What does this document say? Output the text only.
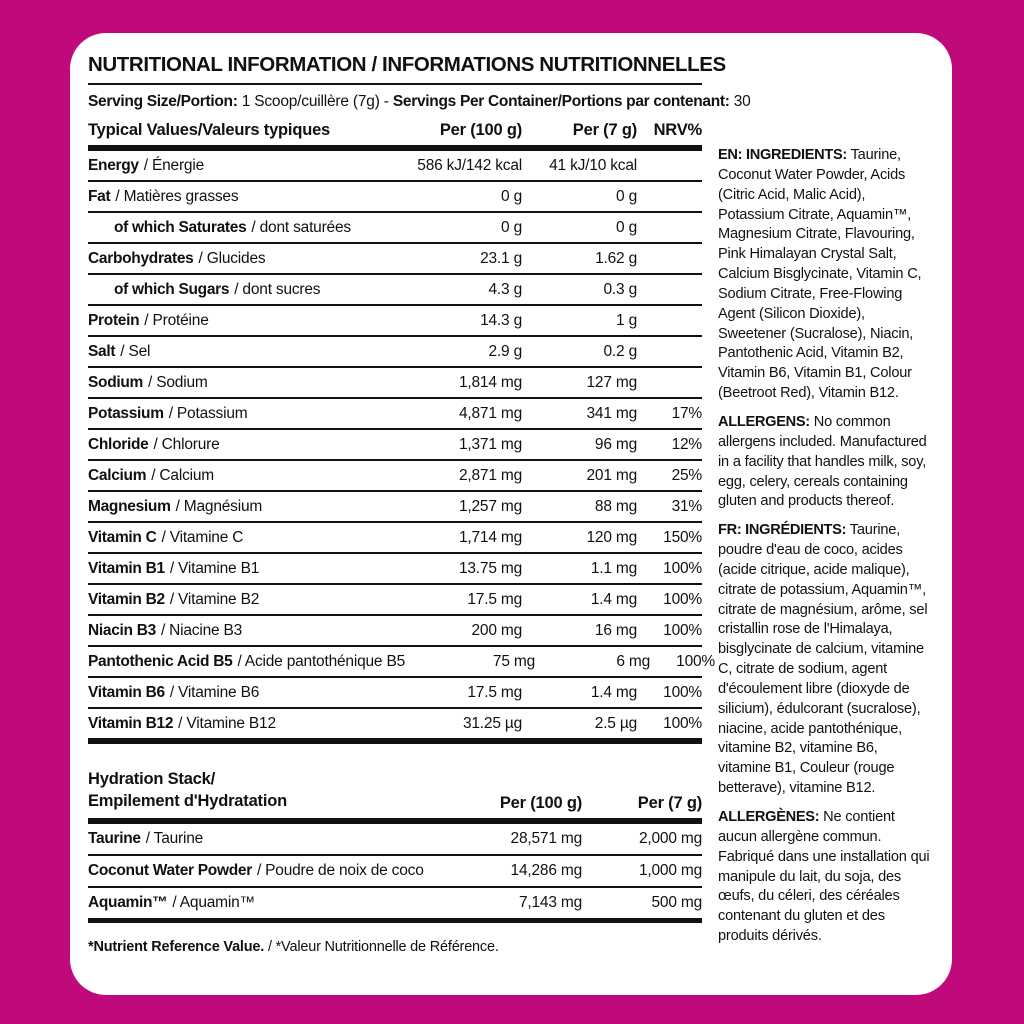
NUTRITIONAL INFORMATION / INFORMATIONS NUTRITIONNELLES
Serving Size/Portion: 1 Scoop/cuillère (7g) - Servings Per Container/Portions par contenant: 30
Typical Values/Valeurs typiques	Per (100 g)	Per (7 g)	NRV%
Energy / Énergie	586 kJ/142 kcal	41 kJ/10 kcal
Fat / Matières grasses	0 g	0 g
of which Saturates / dont saturées	0 g	0 g
Carbohydrates / Glucides	23.1 g	1.62 g
of which Sugars / dont sucres	4.3 g	0.3 g
Protein / Protéine	14.3 g	1 g
Salt / Sel	2.9 g	0.2 g
Sodium / Sodium	1,814 mg	127 mg
Potassium / Potassium	4,871 mg	341 mg	17%
Chloride / Chlorure	1,371 mg	96 mg	12%
Calcium / Calcium	2,871 mg	201 mg	25%
Magnesium / Magnésium	1,257 mg	88 mg	31%
Vitamin C / Vitamine C	1,714 mg	120 mg	150%
Vitamin B1 / Vitamine B1	13.75 mg	1.1 mg	100%
Vitamin B2 / Vitamine B2	17.5 mg	1.4 mg	100%
Niacin B3 / Niacine B3	200 mg	16 mg	100%
Pantothenic Acid B5 / Acide pantothénique B5	75 mg	6 mg	100%
Vitamin B6 / Vitamine B6	17.5 mg	1.4 mg	100%
Vitamin B12 / Vitamine B12	31.25 µg	2.5 µg	100%
Hydration Stack/
Empilement d'Hydratation	Per (100 g)	Per (7 g)
Taurine / Taurine	28,571 mg	2,000 mg
Coconut Water Powder / Poudre de noix de coco	14,286 mg	1,000 mg
Aquamin™ / Aquamin™	7,143 mg	500 mg
*Nutrient Reference Value. / *Valeur Nutritionnelle de Référence.

EN: INGREDIENTS: Taurine, Coconut Water Powder, Acids (Citric Acid, Malic Acid), Potassium Citrate, Aquamin™, Magnesium Citrate, Flavouring, Pink Himalayan Crystal Salt, Calcium Bisglycinate, Vitamin C, Sodium Citrate, Free-Flowing Agent (Silicon Dioxide), Sweetener (Sucralose), Niacin, Pantothenic Acid, Vitamin B2, Vitamin B6, Vitamin B1, Colour (Beetroot Red), Vitamin B12.

ALLERGENS: No common allergens included. Manufactured in a facility that handles milk, soy, egg, celery, cereals containing gluten and products thereof.

FR: INGRÉDIENTS: Taurine, poudre d'eau de coco, acides (acide citrique, acide malique), citrate de potassium, Aquamin™, citrate de magnésium, arôme, sel cristallin rose de l'Himalaya, bisglycinate de calcium, vitamine C, citrate de sodium, agent d'écoulement libre (dioxyde de silicium), édulcorant (sucralose), niacine, acide pantothénique, vitamine B2, vitamine B6, vitamine B1, Couleur (rouge betterave), vitamine B12.

ALLERGÈNES: Ne contient aucun allergène commun. Fabriqué dans une installation qui manipule du lait, du soja, des œufs, du céleri, des céréales contenant du gluten et des produits dérivés.
